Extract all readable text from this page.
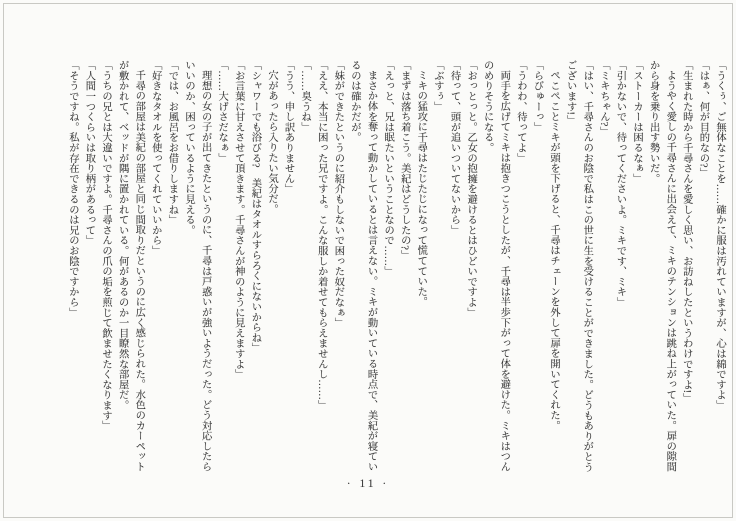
「うくぅ、ご無体なことを……確かに服は汚れていますが、心は綿ですよ」

「はぁ、何が目的なの?」

「生まれた時から千尋さんを愛しく思い、お訪ねしたというわけですよ!」

ようやく愛しの千尋さんに出会えて、ミキのテンションは跳ね上がっていた。扉の隙間から身を乗り出す勢いだ。

「ストーカーは困るなぁ」

「引かないで、待ってくださいよ。ミキです、ミキ」

「ミキちゃん?」

「はい、千尋さんのお陰で私はこの世に生を受けることができました。どうもありがとうございます!」

ぺこぺことミキが頭を下げると、千尋はチェーンを外して扉を開いてくれた。

「らびゅーっ」

「うわわ、待ってよ」

両手を広げてミキは抱きつこうとしたが、千尋は半歩下がって体を避けた。ミキはつんのめりそうになる。

「おっとっと。乙女の抱擁を避けるとはひどいですよ」

「待って、頭が追いついてないから」

「ぶすぅ」

ミキの猛攻に千尋はたじたじになって慌てていた。

「まずは落ち着こう。美紀はどうしたの?」

「えっと、兄は眠たいということなので……」

まさか体を奪って動かしているとは言えない。ミキが動いている時点で、美紀が寝ているのは確かだが。

「妹ができたというのに紹介もしないで困った奴だなぁ」

「ええ、本当に困った兄ですよ。こんな服しか着せてもらえませんし……」

「……臭うね」

「うう、申し訳ありません」

穴があったら入りたい気分だ。

「シャワーでも浴びる?　美紀はタオルすらろくにないからね」

「お言葉に甘えさせて頂きます。千尋さんが神のように見えますよ」

「……大げさだなぁ」

理想の女の子が出てきたというのに、千尋は戸惑いが強いようだった。どう対応したらいいのか、困っているように見える。

「では、お風呂をお借りしますね」

「好きなタオルを使ってくれていいから」

千尋の部屋は美紀の部屋と同じ間取りだというのに広く感じられた。水色のカーペットが敷かれて、ベッドが隅に置かれている。何があるのか一目瞭然な部屋だ。

「うちの兄とは大違いですよ。千尋さんの爪の垢を煎じて飲ませたくなります」

「人間一つくらいは取り柄があるって」

「そうですね。私が存在できるのは兄のお陰ですから」

· 11 ·
